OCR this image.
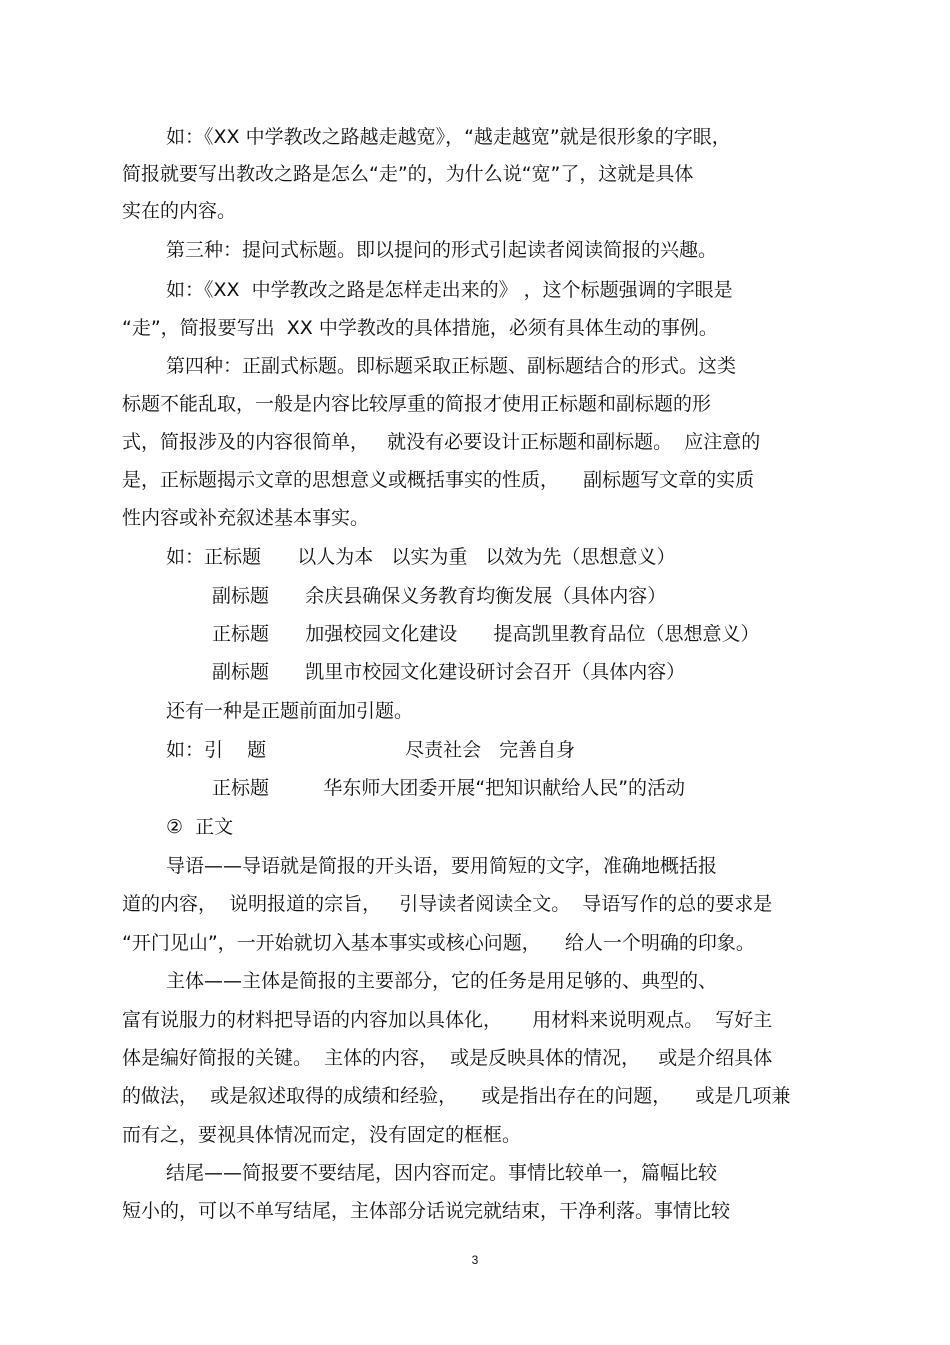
如：《XX 中学教改之路越走越宽》，“越走越宽”就是很形象的字眼，
简报就要写出教改之路是怎么“走”的，为什么说“宽”了，这就是具体
实在的内容。
第三种：提问式标题。即以提问的形式引起读者阅读简报的兴趣。
如：《XX  中学教改之路是怎样走出来的》 ，这个标题强调的字眼是
“走”，简报要写出  XX 中学教改的具体措施，必须有具体生动的事例。
第四种：正副式标题。即标题采取正标题、副标题结合的形式。这类
标题不能乱取，一般是内容比较厚重的简报才使用正标题和副标题的形
式，简报涉及的内容很简单，   就没有必要设计正标题和副标题。  应注意的
是，正标题揭示文章的思想意义或概括事实的性质，    副标题写文章的实质
性内容或补充叙述基本事实。
如：正标题      以人为本   以实为重   以效为先（思想意义）
副标题      余庆县确保义务教育均衡发展（具体内容）
正标题      加强校园文化建设      提高凯里教育品位（思想意义）
副标题      凯里市校园文化建设研讨会召开（具体内容）
还有一种是正题前面加引题。
如：引    题                       尽责社会   完善自身
正标题         华东师大团委开展“把知识献给人民”的活动
②  正文
导语——导语就是简报的开头语，要用简短的文字，准确地概括报
道的内容，  说明报道的宗旨，   引导读者阅读全文。  导语写作的总的要求是
“开门见山”，一开始就切入基本事实或核心问题，    给人一个明确的印象。
主体——主体是简报的主要部分，它的任务是用足够的、典型的、
富有说服力的材料把导语的内容加以具体化，     用材料来说明观点。  写好主
体是编好简报的关键。  主体的内容，  或是反映具体的情况，   或是介绍具体
的做法，  或是叙述取得的成绩和经验，    或是指出存在的问题，    或是几项兼
而有之，要视具体情况而定，没有固定的框框。
结尾——简报要不要结尾，因内容而定。事情比较单一，篇幅比较
短小的，可以不单写结尾，主体部分话说完就结束，干净利落。事情比较
3
